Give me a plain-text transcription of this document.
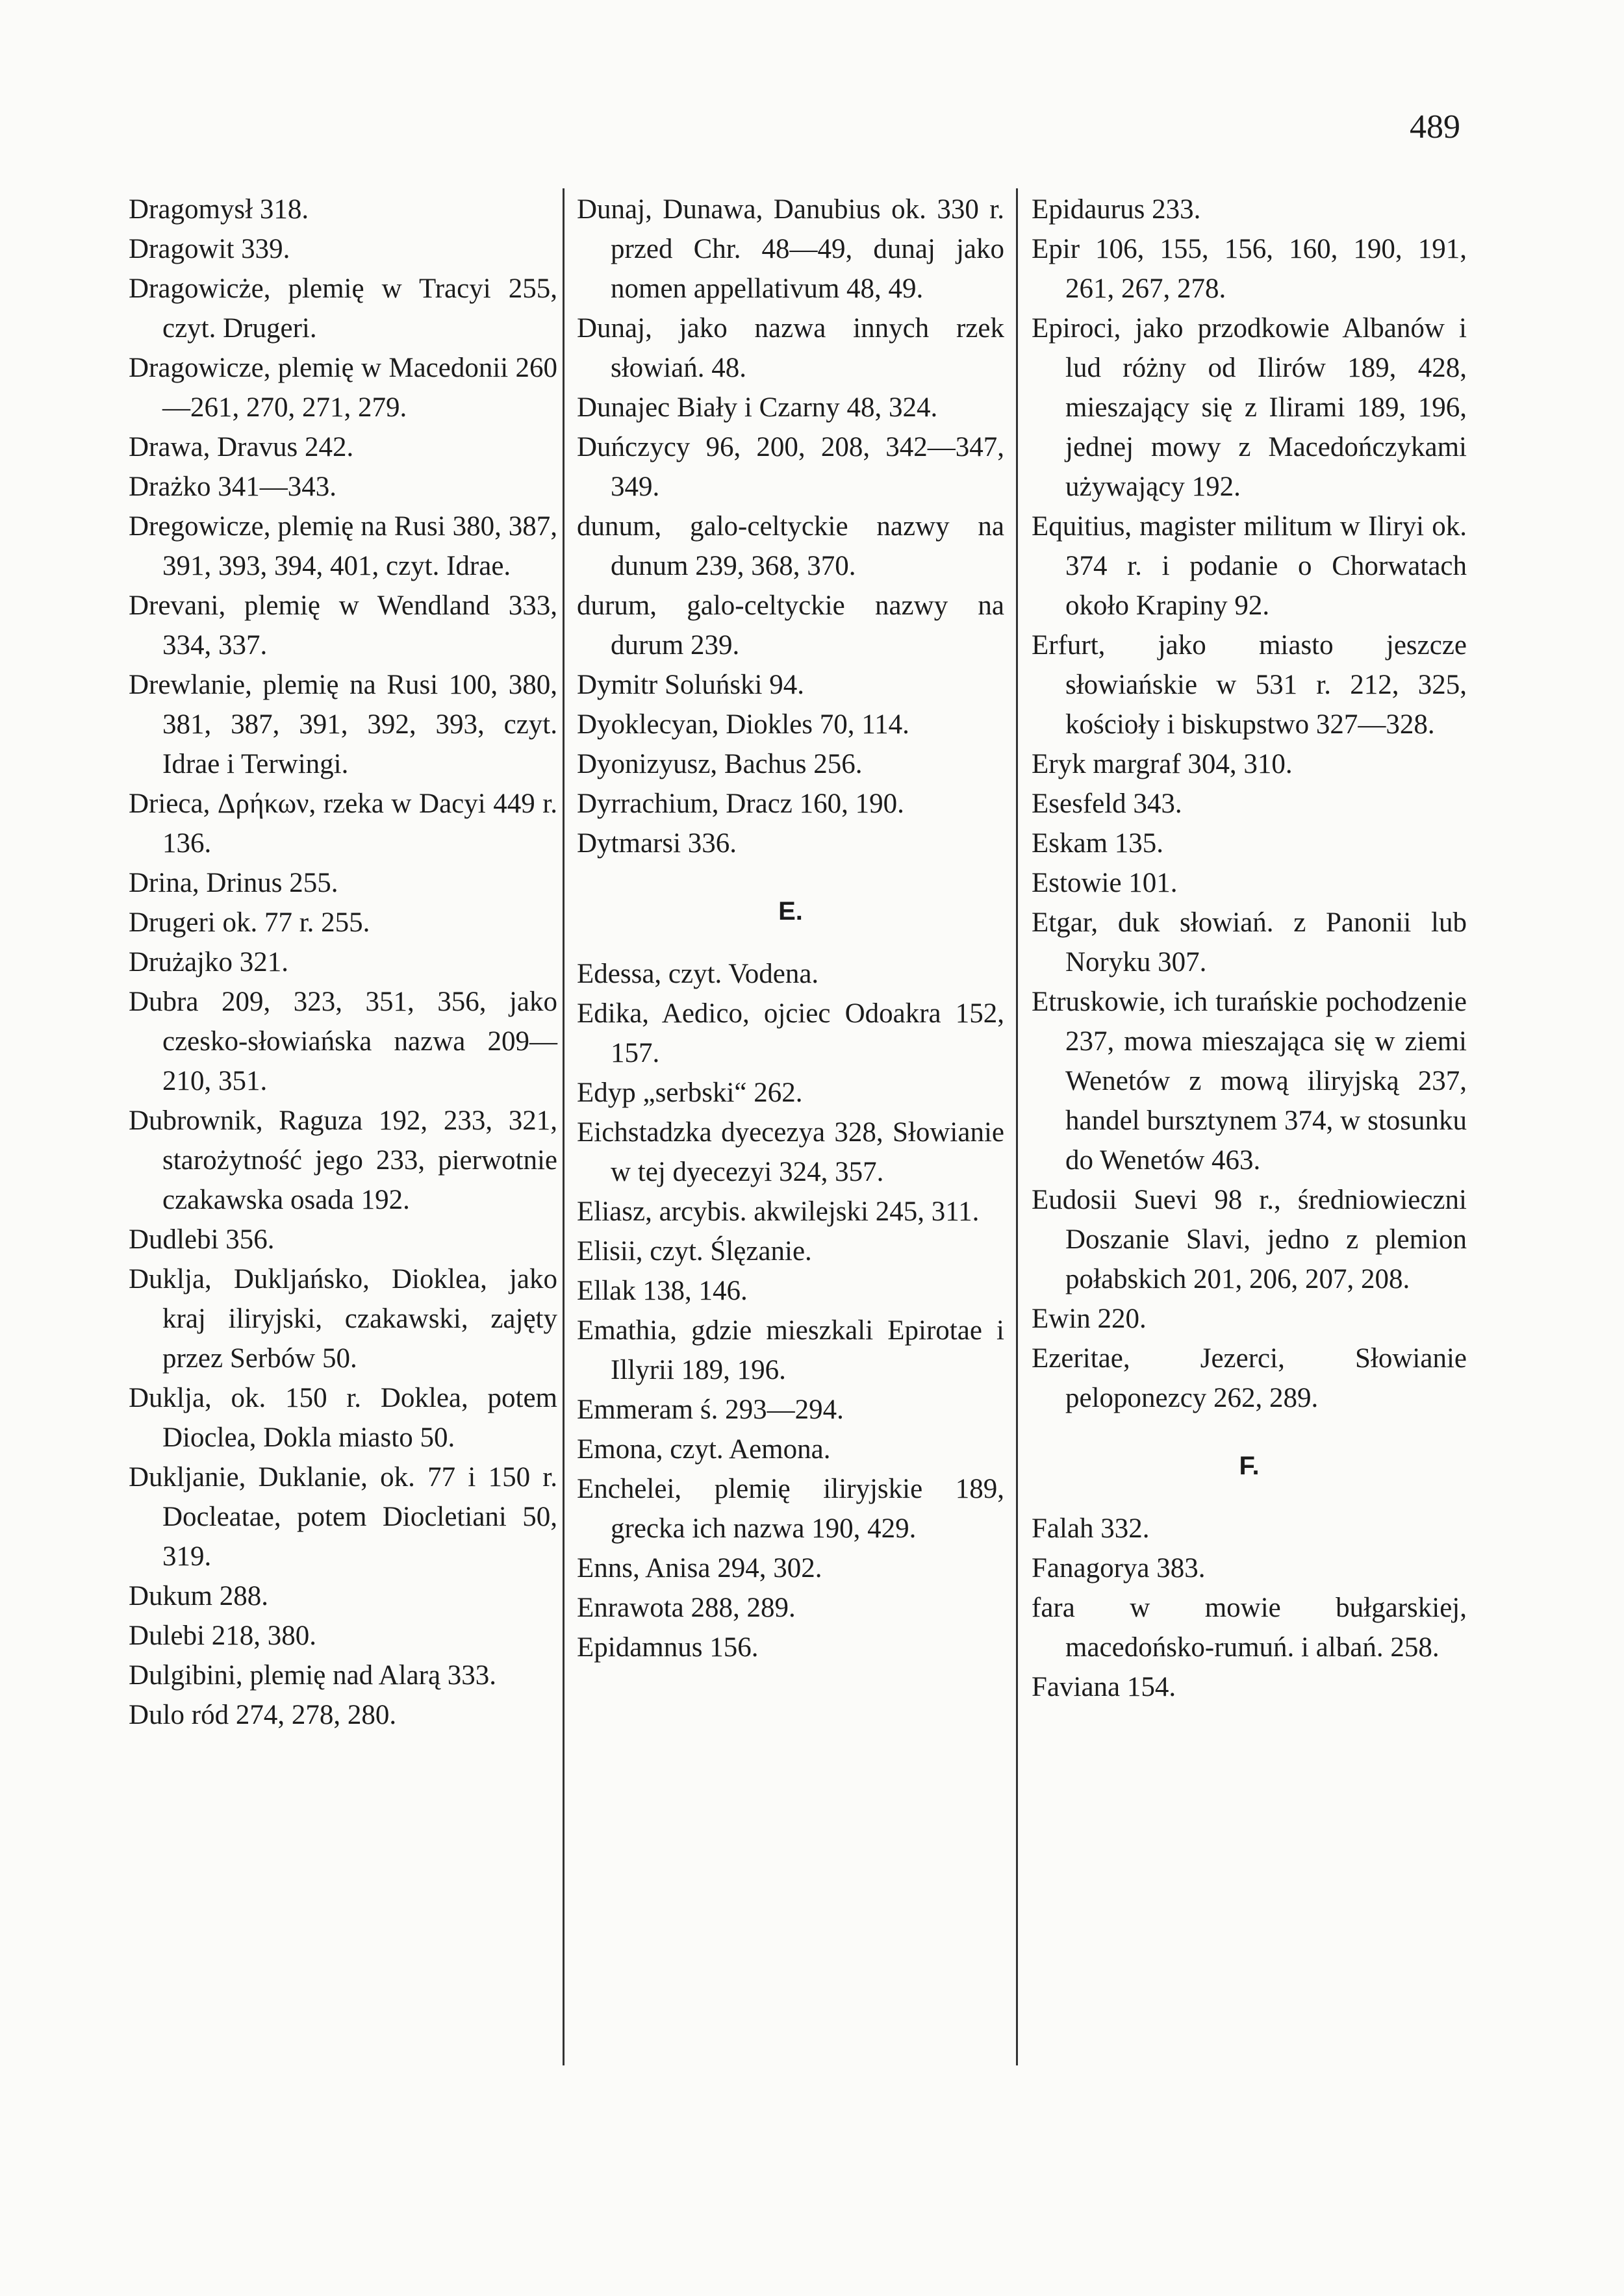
489
Dragomysł 318.
Dragowit 339.
Dragowicże, plemię w Tracyi 255, czyt. Drugeri.
Dragowicze, plemię w Macedonii 260—261, 270, 271, 279.
Drawa, Dravus 242.
Drażko 341—343.
Dregowicze, plemię na Rusi 380, 387, 391, 393, 394, 401, czyt. Idrae.
Drevani, plemię w Wendland 333, 334, 337.
Drewlanie, plemię na Rusi 100, 380, 381, 387, 391, 392, 393, czyt. Idrae i Terwingi.
Drieca, Δρήκων, rzeka w Dacyi 449 r. 136.
Drina, Drinus 255.
Drugeri ok. 77 r. 255.
Drużajko 321.
Dubra 209, 323, 351, 356, jako czesko-słowiańska nazwa 209—210, 351.
Dubrownik, Raguza 192, 233, 321, starożytność jego 233, pierwotnie czakawska osada 192.
Dudlebi 356.
Duklja, Dukljańsko, Dioklea, jako kraj iliryjski, czakawski, zajęty przez Serbów 50.
Duklja, ok. 150 r. Doklea, potem Dioclea, Dokla miasto 50.
Dukljanie, Duklanie, ok. 77 i 150 r. Docleatae, potem Diocletiani 50, 319.
Dukum 288.
Dulebi 218, 380.
Dulgibini, plemię nad Alarą 333.
Dulo ród 274, 278, 280.
Dunaj, Dunawa, Danubius ok. 330 r. przed Chr. 48—49, dunaj jako nomen appellativum 48, 49.
Dunaj, jako nazwa innych rzek słowiań. 48.
Dunajec Biały i Czarny 48, 324.
Duńczycy 96, 200, 208, 342—347, 349.
dunum, galo-celtyckie nazwy na dunum 239, 368, 370.
durum, galo-celtyckie nazwy na durum 239.
Dymitr Soluński 94.
Dyoklecyan, Diokles 70, 114.
Dyonizyusz, Bachus 256.
Dyrrachium, Dracz 160, 190.
Dytmarsi 336.
E.
Edessa, czyt. Vodena.
Edika, Aedico, ojciec Odoakra 152, 157.
Edyp „serbski“ 262.
Eichstadzka dyecezya 328, Słowianie w tej dyecezyi 324, 357.
Eliasz, arcybis. akwilejski 245, 311.
Elisii, czyt. Ślęzanie.
Ellak 138, 146.
Emathia, gdzie mieszkali Epirotae i Illyrii 189, 196.
Emmeram ś. 293—294.
Emona, czyt. Aemona.
Enchelei, plemię iliryjskie 189, grecka ich nazwa 190, 429.
Enns, Anisa 294, 302.
Enrawota 288, 289.
Epidamnus 156.
Epidaurus 233.
Epir 106, 155, 156, 160, 190, 191, 261, 267, 278.
Epiroci, jako przodkowie Albanów i lud różny od Ilirów 189, 428, mieszający się z Ilirami 189, 196, jednej mowy z Macedończykami używający 192.
Equitius, magister militum w Iliryi ok. 374 r. i podanie o Chorwatach około Krapiny 92.
Erfurt, jako miasto jeszcze słowiańskie w 531 r. 212, 325, kościoły i biskupstwo 327—328.
Eryk margraf 304, 310.
Esesfeld 343.
Eskam 135.
Estowie 101.
Etgar, duk słowiań. z Panonii lub Noryku 307.
Etruskowie, ich turańskie pochodzenie 237, mowa mieszająca się w ziemi Wenetów z mową iliryjską 237, handel bursztynem 374, w stosunku do Wenetów 463.
Eudosii Suevi 98 r., średniowieczni Doszanie Slavi, jedno z plemion połabskich 201, 206, 207, 208.
Ewin 220.
Ezeritae, Jezerci, Słowianie peloponezcy 262, 289.
F.
Falah 332.
Fanagorya 383.
fara w mowie bułgarskiej, macedońsko-rumuń. i albań. 258.
Faviana 154.
